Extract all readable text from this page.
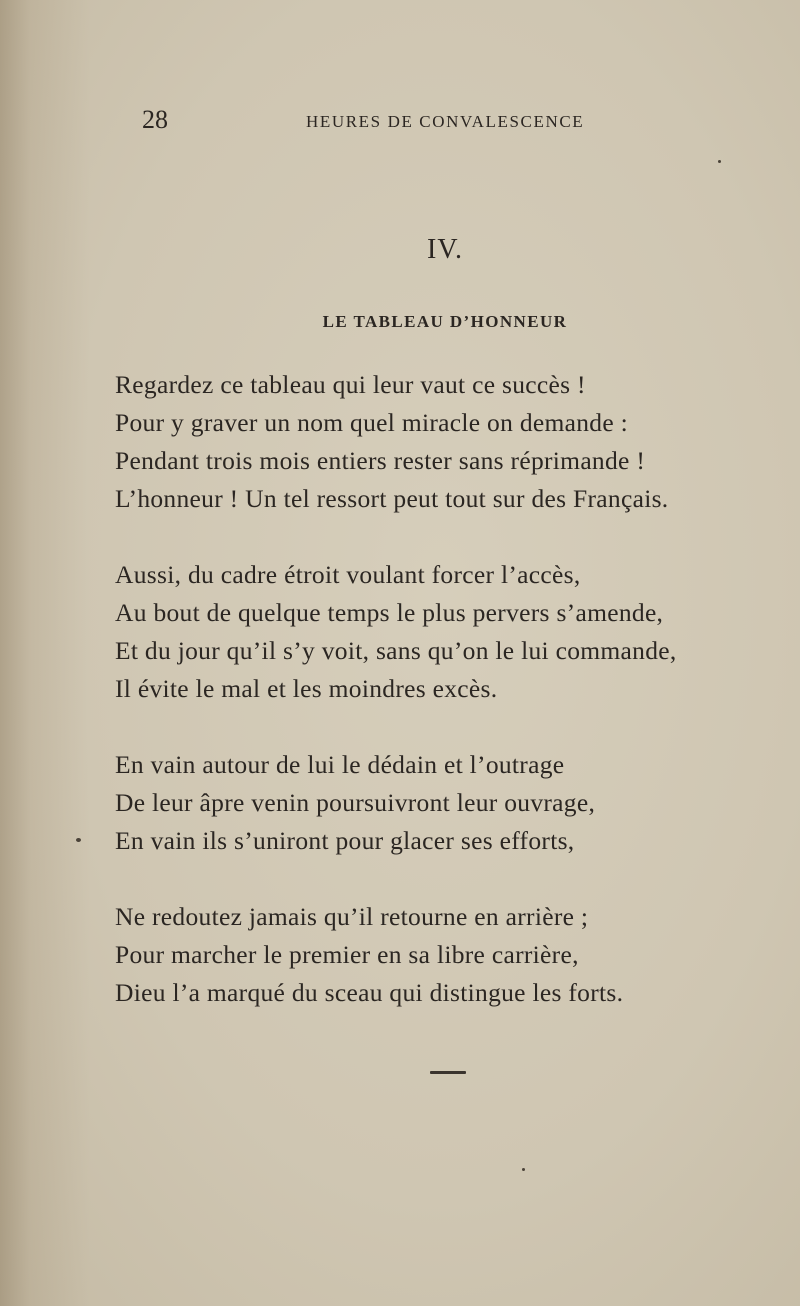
28	HEURES DE CONVALESCENCE
IV.
LE TABLEAU D’HONNEUR
Regardez ce tableau qui leur vaut ce succès !
Pour y graver un nom quel miracle on demande :
Pendant trois mois entiers rester sans réprimande !
L’honneur ! Un tel ressort peut tout sur des Français.
Aussi, du cadre étroit voulant forcer l’accès,
Au bout de quelque temps le plus pervers s’amende,
Et du jour qu’il s’y voit, sans qu’on le lui commande,
Il évite le mal et les moindres excès.
En vain autour de lui le dédain et l’outrage
De leur âpre venin poursuivront leur ouvrage,
En vain ils s’uniront pour glacer ses efforts,
Ne redoutez jamais qu’il retourne en arrière ;
Pour marcher le premier en sa libre carrière,
Dieu l’a marqué du sceau qui distingue les forts.
